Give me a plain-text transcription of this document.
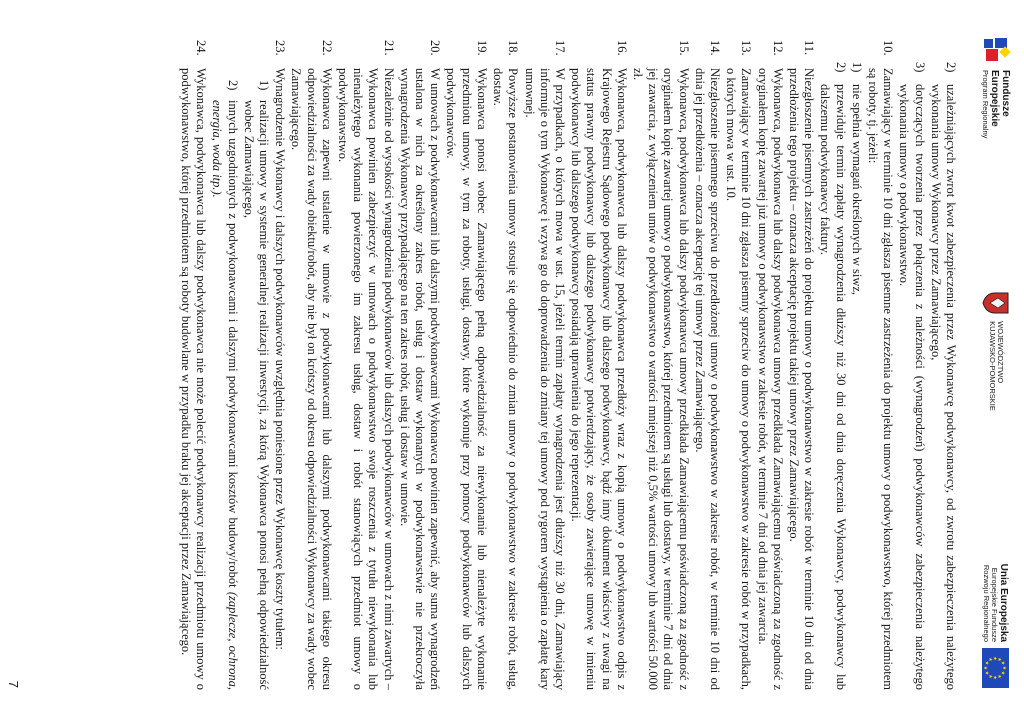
Fundusze
Europejskie
Program Regionalny
WOJEWÓDZTWO
KUJAWSKO-POMORSKIE
Unia Europejska
Europejskie Fundusze
Rozwoju Regionalnego
★
★
★
★
★
★
★
★
★
★
★
★
2)
uzależniających zwrot kwot zabezpieczenia przez Wykonawcę podwykonawcy, od zwrotu zabezpieczenia należytego wykonania umowy Wykonawcy przez Zamawiającego,
3)
dotyczących tworzenia przez połączenia z należności (wynagrodzeń) podwykonawców zabezpieczenia należytego wykonania umowy o podwykonawstwo.
10.
Zamawiający w terminie 10 dni zgłasza pisemne zastrzeżenia do projektu umowy o podwykonawstwo, której przedmiotem są roboty, tj. jeżeli:
1)
nie spełnia wymagań określonych w siwz,
2)
przewiduje termin zapłaty wynagrodzenia dłuższy niż 30 dni od dnia doręczenia Wykonawcy, podwykonawcy lub dalszemu podwykonawcy faktury.
11.
Niezgłoszenie pisemnych zastrzeżeń do projektu umowy o podwykonawstwo w zakresie robót w terminie 10 dni od dnia przedłożenia tego projektu – oznacza akceptację projektu takiej umowy przez Zamawiającego.
12.
Wykonawca, podwykonawca lub dalszy podwykonawca umowy przedkłada Zamawiającemu poświadczoną za zgodność z oryginałem kopię zawartej już umowy o podwykonawstwo w zakresie robót, w terminie 7 dni od dnia jej zawarcia.
13.
Zamawiający w terminie 10 dni zgłasza pisemny sprzeciw do umowy o podwykonawstwo w zakresie robót w przypadkach, o których mowa w ust. 10.
14.
Niezgłoszenie pisemnego sprzeciwu do przedłożonej umowy o podwykonawstwo w zakresie robót, w terminie 10 dni od dnia jej przedłożenia – oznacza akceptację tej umowy przez Zamawiającego.
15.
Wykonawca, podwykonawca lub dalszy podwykonawca umowy przedkłada Zamawiającemu poświadczoną za zgodność z oryginałem kopię zawartej umowy o podwykonawstwo, której przedmiotem są usługi lub dostawy, w terminie 7 dni od dnia jej zawarcia, z wyłączeniem umów o podwykonawstwo o wartości mniejszej niż 0,5% wartości umowy lub wartości 50.000 zł.
16.
Wykonawca, podwykonawca lub dalszy podwykonawca przedłoży wraz z kopią umowy o podwykonawstwo odpis z Krajowego Rejestru Sądowego podwykonawcy lub dalszego podwykonawcy, bądź inny dokument właściwy z uwagi na status prawny podwykonawcy lub dalszego podwykonawcy potwierdzający, że osoby zawierające umowę w imieniu podwykonawcy lub dalszego podwykonawcy posiadają uprawnienia do jego reprezentacji.
17.
W przypadkach, o których mowa w ust. 15, jeżeli termin zapłaty wynagrodzenia jest dłuższy niż 30 dni, Zamawiający informuje o tym Wykonawcę i wzywa go do doprowadzenia do zmiany tej umowy pod rygorem wystąpienia o zapłatę kary umownej.
18.
Powyższe postanowienia umowy stosuje się odpowiednio do zmian umowy o podwykonawstwo w zakresie robót, usług, dostaw.
19.
Wykonawca ponosi wobec Zamawiającego pełną odpowiedzialność za niewykonanie lub nienależyte wykonanie przedmiotu umowy, w tym za roboty, usługi, dostawy, które wykonuje przy pomocy podwykonawców lub dalszych podwykonawców.
20.
W umowach z podwykonawcami lub dalszymi podwykonawcami Wykonawca powinien zapewnić, aby suma wynagrodzeń ustalona w nich za określony zakres robót, usług i dostaw wykonanych w podwykonawstwie nie przekroczyła wynagrodzenia Wykonawcy przypadającego na ten zakres robót, usług i dostaw w umowie.
21.
Niezależnie od wysokości wynagrodzenia podwykonawców lub dalszych podwykonawców w umowach z nimi zawartych – Wykonawca powinien zabezpieczyć w umowach o podwykonawstwo swoje roszczenia z tytułu niewykonania lub nienależytego wykonania powierzonego im zakresu usług, dostaw i robót stanowiących przedmiot umowy o podwykonawstwo.
22.
Wykonawca zapewni ustalenie w umowie z podwykonawcami lub dalszymi podwykonawcami takiego okresu odpowiedzialności za wady obiektu/robót, aby nie był on krótszy od okresu odpowiedzialności Wykonawcy za wady wobec Zamawiającego.
23.
Wynagrodzenie Wykonawcy i dalszych podwykonawców uwzględnia poniesione przez Wykonawcę koszty tytułem:
1)
realizacji umowy w systemie generalnej realizacji inwestycji, za którą Wykonawca ponosi pełną odpowiedzialność wobec Zamawiającego,
2)
innych uzgodnionych z podwykonawcami i dalszymi podwykonawcami kosztów budowy/robót (zaplecze, ochrona, energia, woda itp.).
24.
Wykonawca, podwykonawca lub dalszy podwykonawca nie może polecić podwykonawcy realizacji przedmiotu umowy o podwykonawstwo, której przedmiotem są roboty budowlane w przypadku braku jej akceptacji przez Zamawiającego.
7
